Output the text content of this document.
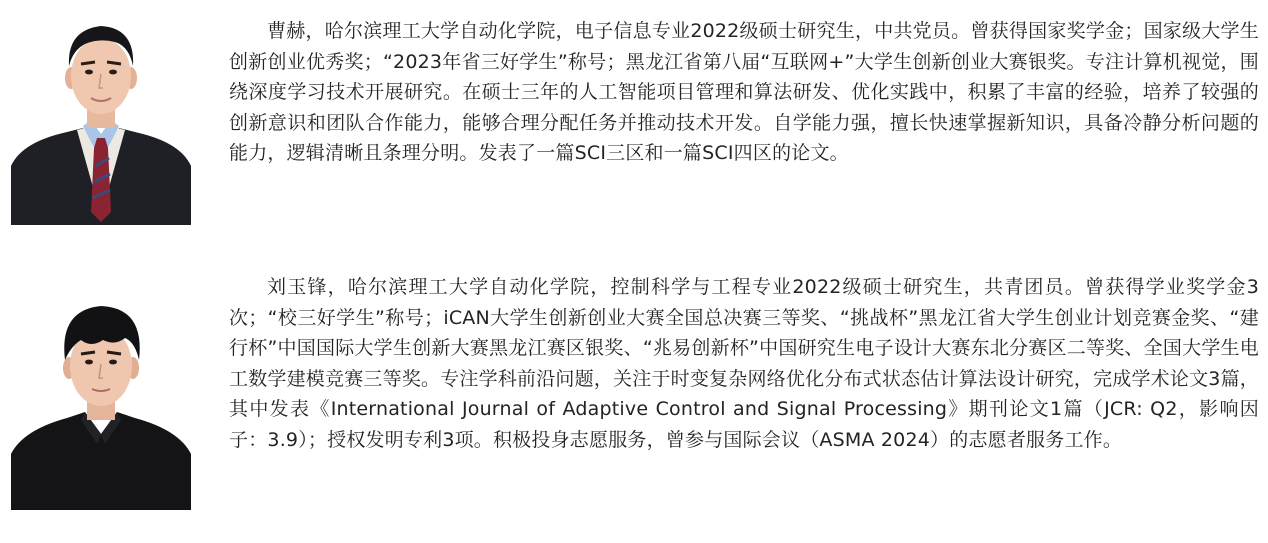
曹赫，哈尔滨理工大学自动化学院，电子信息专业2022级硕士研究生，中共党员。曾获得国家奖学金；国家级大学生创新创业优秀奖；“2023年省三好学生”称号；黑龙江省第八届“互联网+”大学生创新创业大赛银奖。专注计算机视觉，围绕深度学习技术开展研究。在硕士三年的人工智能项目管理和算法研发、优化实践中，积累了丰富的经验，培养了较强的创新意识和团队合作能力，能够合理分配任务并推动技术开发。自学能力强，擅长快速掌握新知识，具备冷静分析问题的能力，逻辑清晰且条理分明。发表了一篇SCI三区和一篇SCI四区的论文。

刘玉锋，哈尔滨理工大学自动化学院，控制科学与工程专业2022级硕士研究生，共青团员。曾获得学业奖学金3次；“校三好学生”称号；iCAN大学生创新创业大赛全国总决赛三等奖、“挑战杯”黑龙江省大学生创业计划竞赛金奖、“建行杯”中国国际大学生创新大赛黑龙江赛区银奖、“兆易创新杯”中国研究生电子设计大赛东北分赛区二等奖、全国大学生电工数学建模竞赛三等奖。专注学科前沿问题，关注于时变复杂网络优化分布式状态估计算法设计研究，完成学术论文3篇，其中发表《International Journal of Adaptive Control and Signal Processing》期刊论文1篇（JCR: Q2，影响因子：3.9）；授权发明专利3项。积极投身志愿服务，曾参与国际会议（ASMA 2024）的志愿者服务工作。
